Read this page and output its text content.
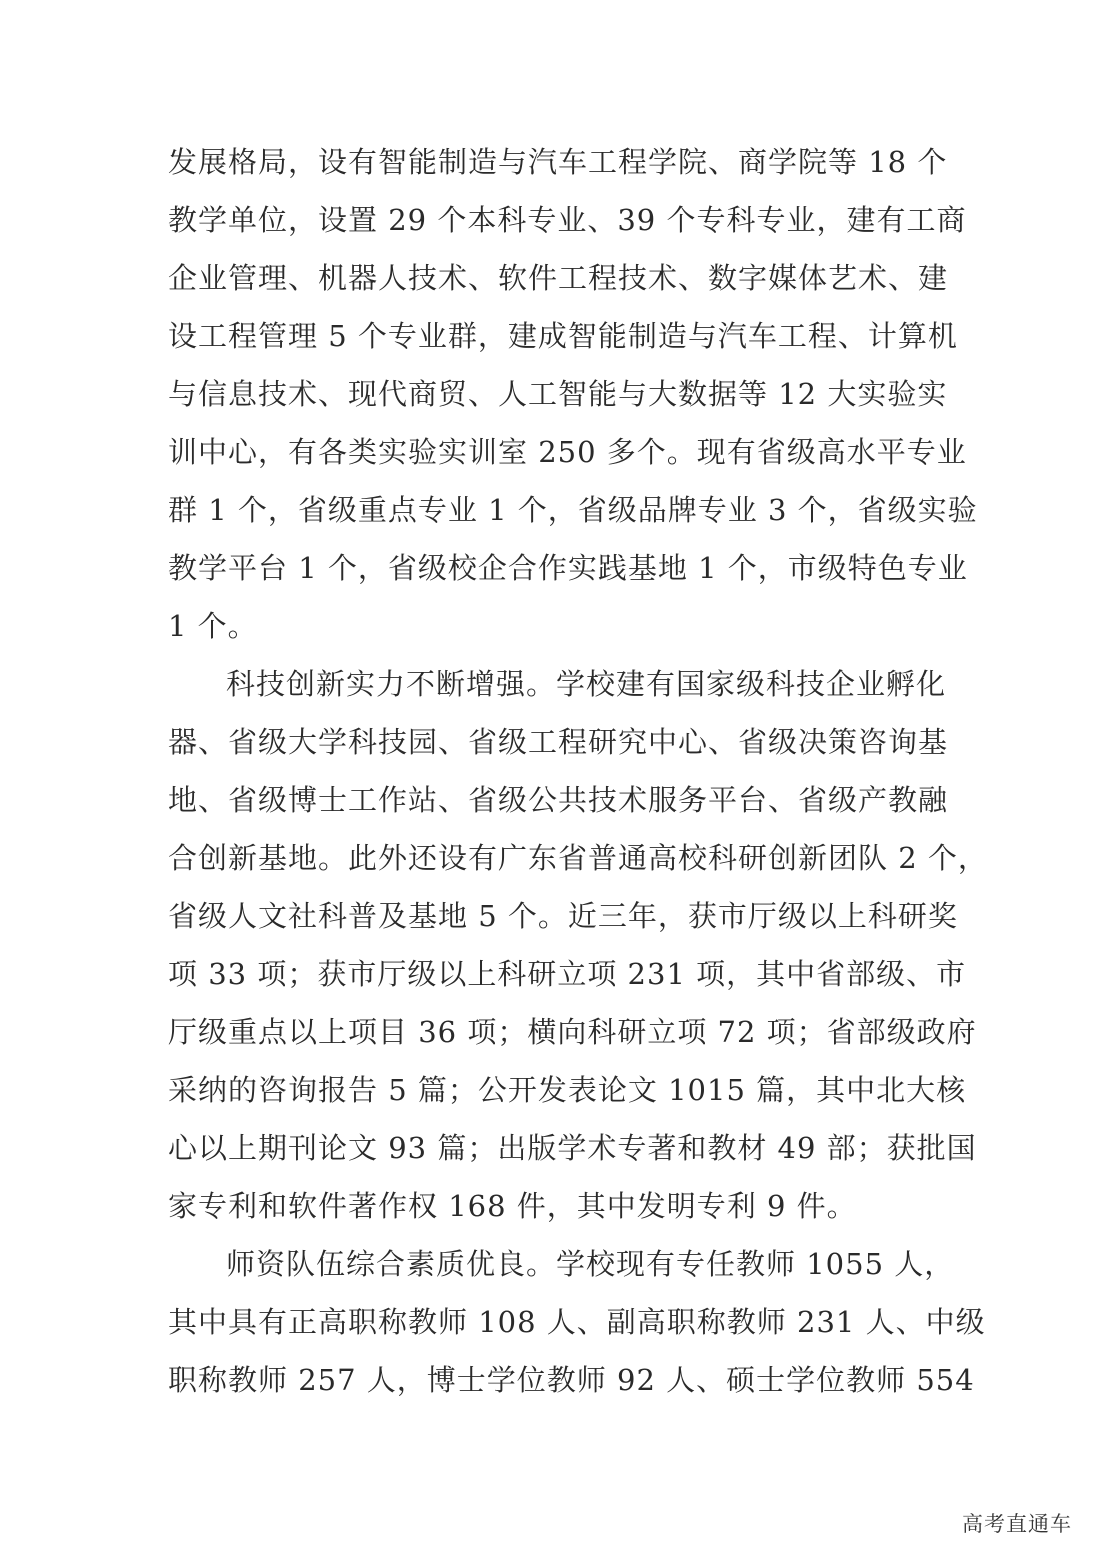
发展格局，设有智能制造与汽车工程学院、商学院等 18 个
教学单位，设置 29 个本科专业、39 个专科专业，建有工商
企业管理、机器人技术、软件工程技术、数字媒体艺术、建
设工程管理 5 个专业群，建成智能制造与汽车工程、计算机
与信息技术、现代商贸、人工智能与大数据等 12 大实验实
训中心，有各类实验实训室 250 多个。现有省级高水平专业
群 1 个，省级重点专业 1 个，省级品牌专业 3 个，省级实验
教学平台 1 个，省级校企合作实践基地 1 个，市级特色专业
1 个。
科技创新实力不断增强。学校建有国家级科技企业孵化
器、省级大学科技园、省级工程研究中心、省级决策咨询基
地、省级博士工作站、省级公共技术服务平台、省级产教融
合创新基地。此外还设有广东省普通高校科研创新团队 2 个，
省级人文社科普及基地 5 个。近三年，获市厅级以上科研奖
项 33 项；获市厅级以上科研立项 231 项，其中省部级、市
厅级重点以上项目 36 项；横向科研立项 72 项；省部级政府
采纳的咨询报告 5 篇；公开发表论文 1015 篇，其中北大核
心以上期刊论文 93 篇；出版学术专著和教材 49 部；获批国
家专利和软件著作权 168 件，其中发明专利 9 件。
师资队伍综合素质优良。学校现有专任教师 1055 人，
其中具有正高职称教师 108 人、副高职称教师 231 人、中级
职称教师 257 人，博士学位教师 92 人、硕士学位教师 554
高考直通车
